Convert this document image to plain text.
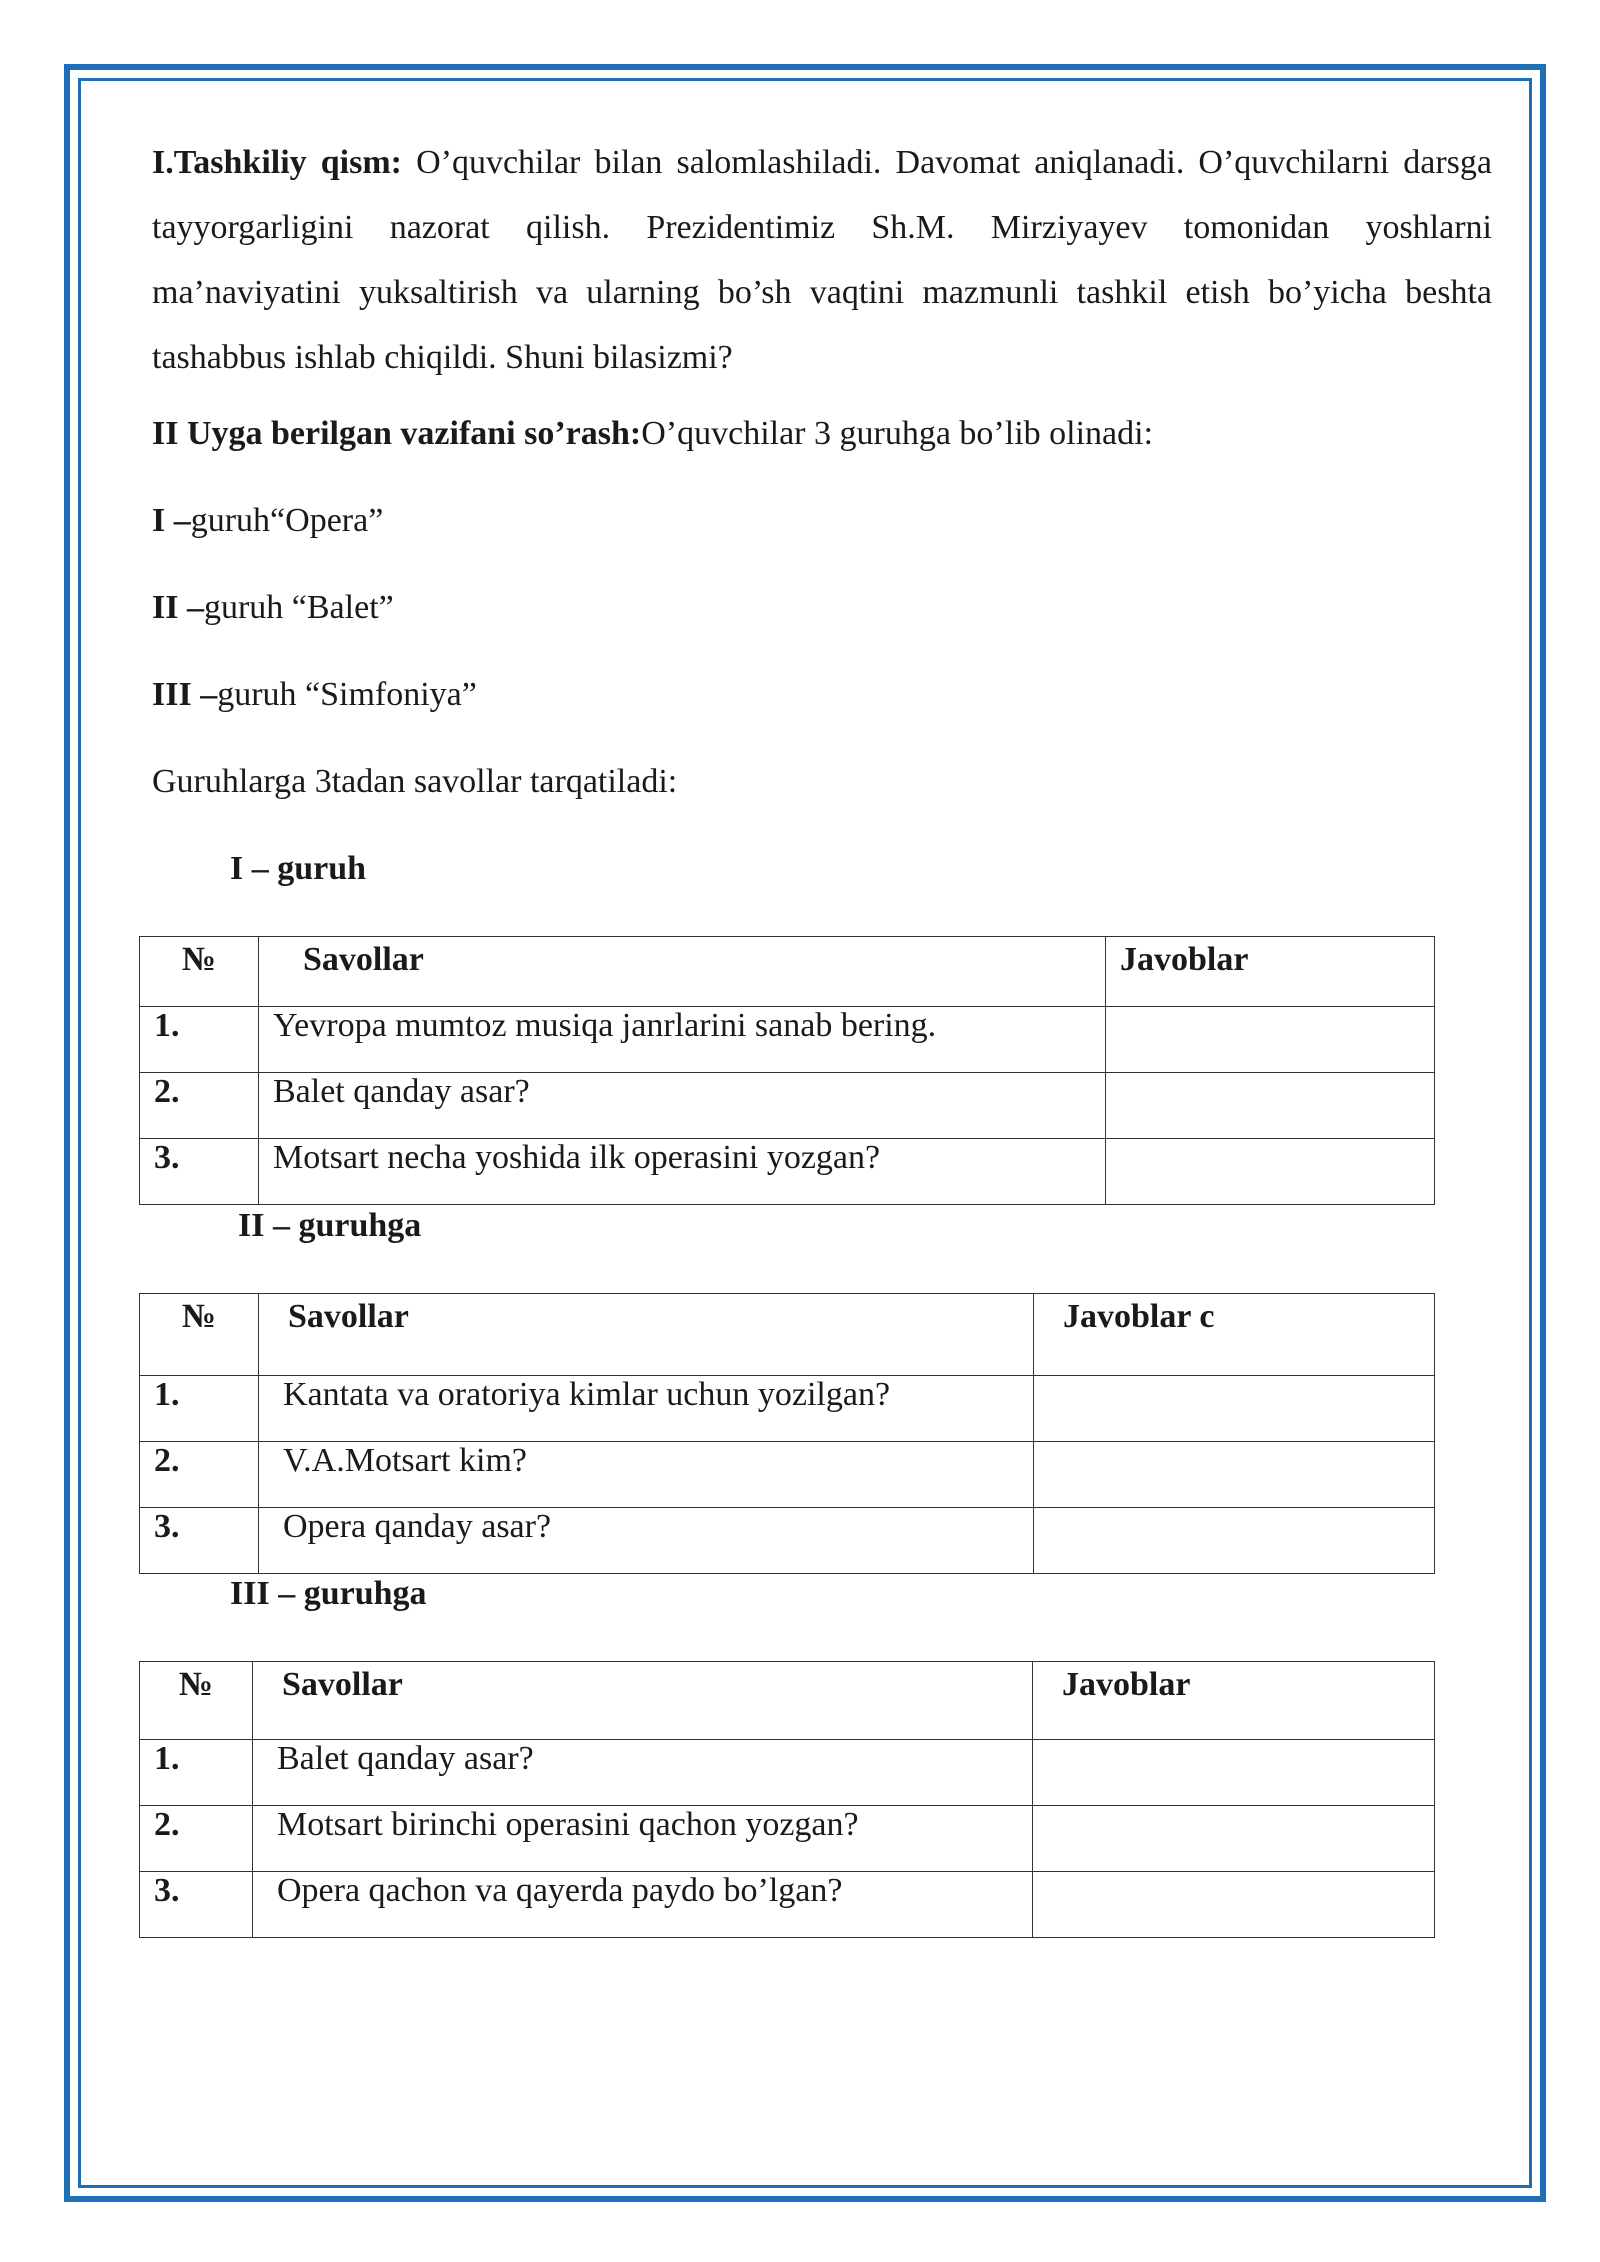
I.Tashkiliy qism: O’quvchilar bilan salomlashiladi. Davomat aniqlanadi. O’quvchilarni darsga tayyorgarligini nazorat qilish. Prezidentimiz Sh.M. Mirziyayev tomonidan yoshlarni ma’naviyatini yuksaltirish va ularning bo’sh vaqtini mazmunli tashkil etish bo’yicha beshta tashabbus ishlab chiqildi. Shuni bilasizmi?

II Uyga berilgan vazifani so’rash:O’quvchilar 3 guruhga bo’lib olinadi:

I –guruh“Opera”

II –guruh “Balet”

III –guruh “Simfoniya”

Guruhlarga 3tadan savollar tarqatiladi:

I – guruh
№	Savollar	Javoblar
1.	Yevropa mumtoz musiqa janrlarini sanab bering.	
2.	Balet qanday asar?	
3.	Motsart necha yoshida ilk operasini yozgan?	
II – guruhga
№	Savollar	Javoblar c
1.	Kantata va oratoriya kimlar uchun yozilgan?	
2.	V.A.Motsart kim?	
3.	Opera qanday asar?	
III – guruhga
№	Savollar	Javoblar
1.	Balet qanday asar?	
2.	Motsart birinchi operasini qachon yozgan?	
3.	Opera qachon va qayerda paydo bo’lgan?	
